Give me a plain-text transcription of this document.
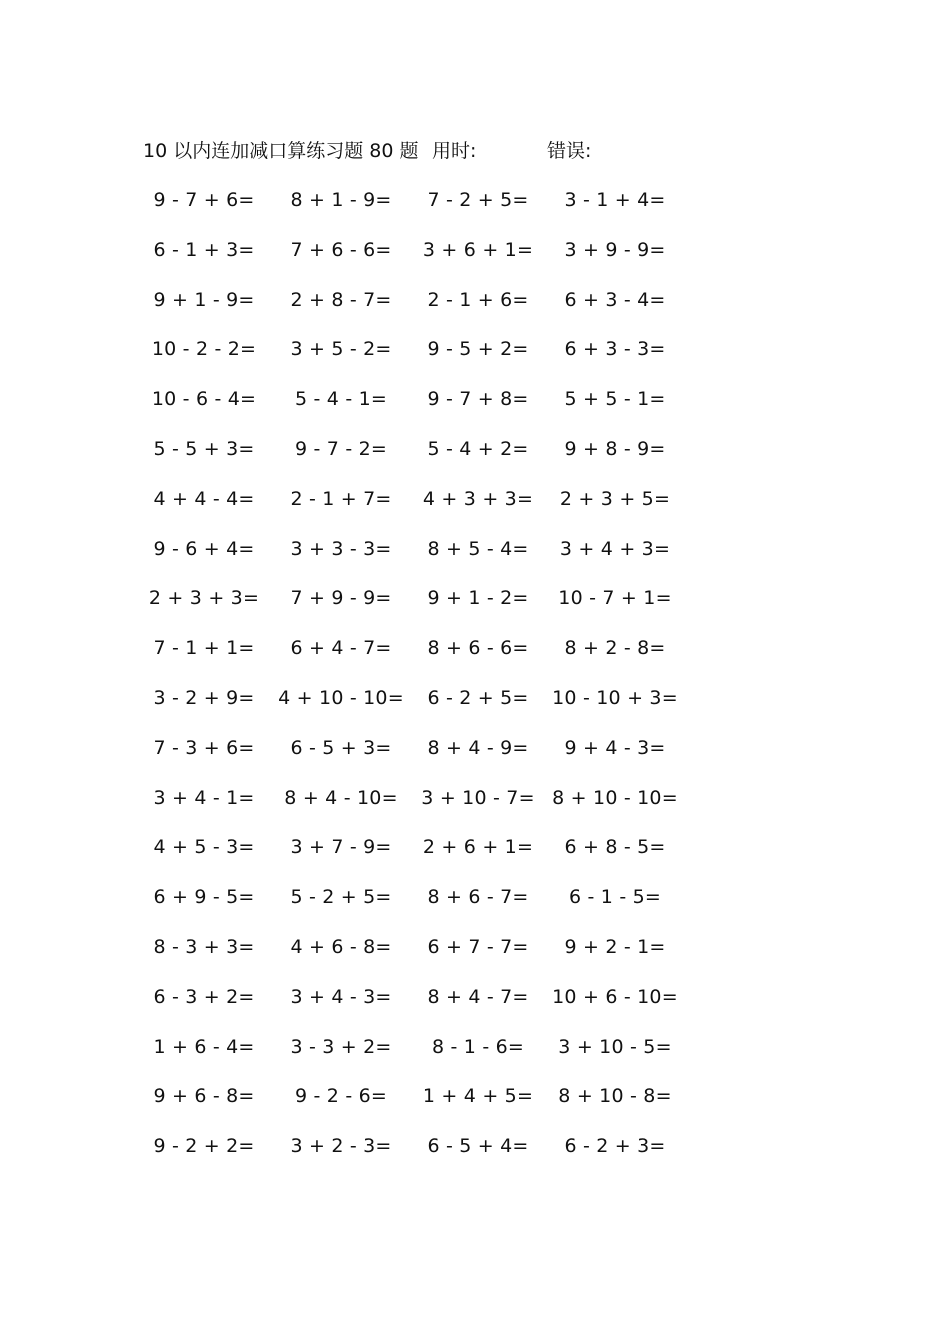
10 以内连加减口算练习题 80 题 用时:	错误:
9 - 7 + 6= 8 + 1 - 9= 7 - 2 + 5= 3 - 1 + 4=
6 - 1 + 3= 7 + 6 - 6= 3 + 6 + 1= 3 + 9 - 9=
9 + 1 - 9= 2 + 8 - 7= 2 - 1 + 6= 6 + 3 - 4=
10 - 2 - 2= 3 + 5 - 2= 9 - 5 + 2= 6 + 3 - 3=
10 - 6 - 4= 5 - 4 - 1= 9 - 7 + 8= 5 + 5 - 1=
5 - 5 + 3= 9 - 7 - 2= 5 - 4 + 2= 9 + 8 - 9=
4 + 4 - 4= 2 - 1 + 7= 4 + 3 + 3= 2 + 3 + 5=
9 - 6 + 4= 3 + 3 - 3= 8 + 5 - 4= 3 + 4 + 3=
2 + 3 + 3= 7 + 9 - 9= 9 + 1 - 2= 10 - 7 + 1=
7 - 1 + 1= 6 + 4 - 7= 8 + 6 - 6= 8 + 2 - 8=
3 - 2 + 9= 4 + 10 - 10= 6 - 2 + 5= 10 - 10 + 3=
7 - 3 + 6= 6 - 5 + 3= 8 + 4 - 9= 9 + 4 - 3=
3 + 4 - 1= 8 + 4 - 10= 3 + 10 - 7= 8 + 10 - 10=
4 + 5 - 3= 3 + 7 - 9= 2 + 6 + 1= 6 + 8 - 5=
6 + 9 - 5= 5 - 2 + 5= 8 + 6 - 7= 6 - 1 - 5=
8 - 3 + 3= 4 + 6 - 8= 6 + 7 - 7= 9 + 2 - 1=
6 - 3 + 2= 3 + 4 - 3= 8 + 4 - 7= 10 + 6 - 10=
1 + 6 - 4= 3 - 3 + 2= 8 - 1 - 6= 3 + 10 - 5=
9 + 6 - 8= 9 - 2 - 6= 1 + 4 + 5= 8 + 10 - 8=
9 - 2 + 2= 3 + 2 - 3= 6 - 5 + 4= 6 - 2 + 3=
